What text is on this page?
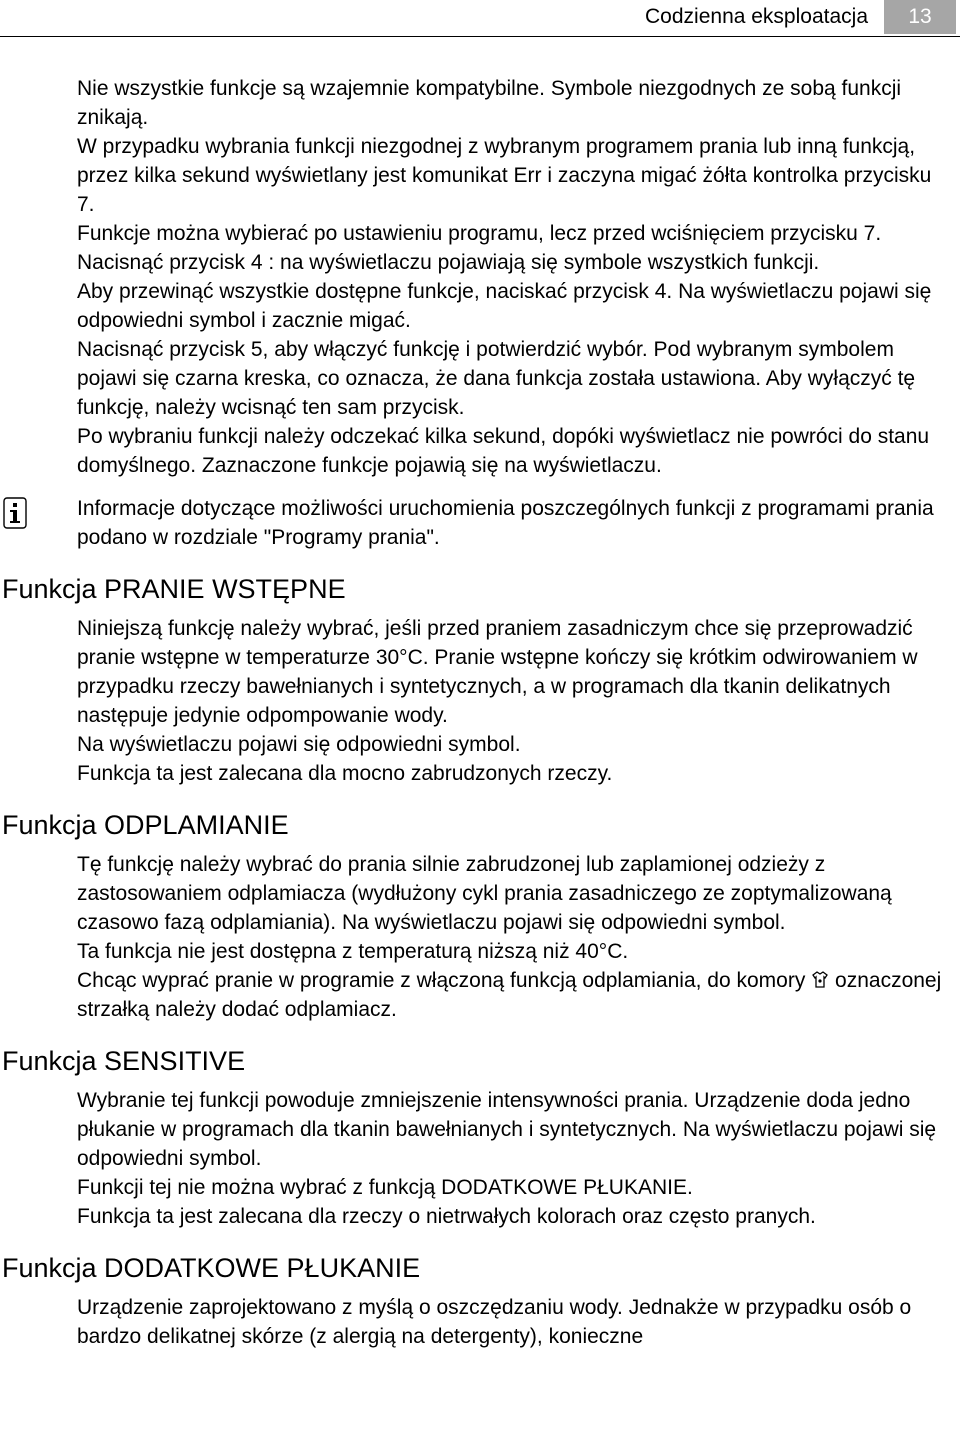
Codzienna eksploatacja	13

Nie wszystkie funkcje są wzajemnie kompatybilne. Symbole niezgodnych ze sobą funkcji znikają.

W przypadku wybrania funkcji niezgodnej z wybranym programem prania lub inną funkcją, przez kilka sekund wyświetlany jest komunikat Err i zaczyna migać żółta kontrolka przycisku 7.

Funkcje można wybierać po ustawieniu programu, lecz przed wciśnięciem przycisku 7. Nacisnąć przycisk 4 : na wyświetlaczu pojawiają się symbole wszystkich funkcji.

Aby przewinąć wszystkie dostępne funkcje, naciskać przycisk 4. Na wyświetlaczu pojawi się odpowiedni symbol i zacznie migać.

Nacisnąć przycisk 5, aby włączyć funkcję i potwierdzić wybór. Pod wybranym symbolem pojawi się czarna kreska, co oznacza, że dana funkcja została ustawiona. Aby wyłączyć tę funkcję, należy wcisnąć ten sam przycisk.

Po wybraniu funkcji należy odczekać kilka sekund, dopóki wyświetlacz nie powróci do stanu domyślnego. Zaznaczone funkcje pojawią się na wyświetlaczu.

Informacje dotyczące możliwości uruchomienia poszczególnych funkcji z programami prania podano w rozdziale "Programy prania".

Funkcja PRANIE WSTĘPNE

Niniejszą funkcję należy wybrać, jeśli przed praniem zasadniczym chce się przeprowadzić pranie wstępne w temperaturze 30°C. Pranie wstępne kończy się krótkim odwirowaniem w przypadku rzeczy bawełnianych i syntetycznych, a w programach dla tkanin delikatnych następuje jedynie odpompowanie wody.

Na wyświetlaczu pojawi się odpowiedni symbol.

Funkcja ta jest zalecana dla mocno zabrudzonych rzeczy.

Funkcja ODPLAMIANIE

Tę funkcję należy wybrać do prania silnie zabrudzonej lub zaplamionej odzieży z zastosowaniem odplamiacza (wydłużony cykl prania zasadniczego ze zoptymalizowaną czasowo fazą odplamiania). Na wyświetlaczu pojawi się odpowiedni symbol.

Ta funkcja nie jest dostępna z temperaturą niższą niż 40°C.

Chcąc wyprać pranie w programie z włączoną funkcją odplamiania, do komory oznaczonej strzałką należy dodać odplamiacz.

Funkcja SENSITIVE

Wybranie tej funkcji powoduje zmniejszenie intensywności prania. Urządzenie doda jedno płukanie w programach dla tkanin bawełnianych i syntetycznych. Na wyświetlaczu pojawi się odpowiedni symbol.

Funkcji tej nie można wybrać z funkcją DODATKOWE PŁUKANIE.

Funkcja ta jest zalecana dla rzeczy o nietrwałych kolorach oraz często pranych.

Funkcja DODATKOWE PŁUKANIE

Urządzenie zaprojektowano z myślą o oszczędzaniu wody. Jednakże w przypadku osób o bardzo delikatnej skórze (z alergią na detergenty), konieczne
